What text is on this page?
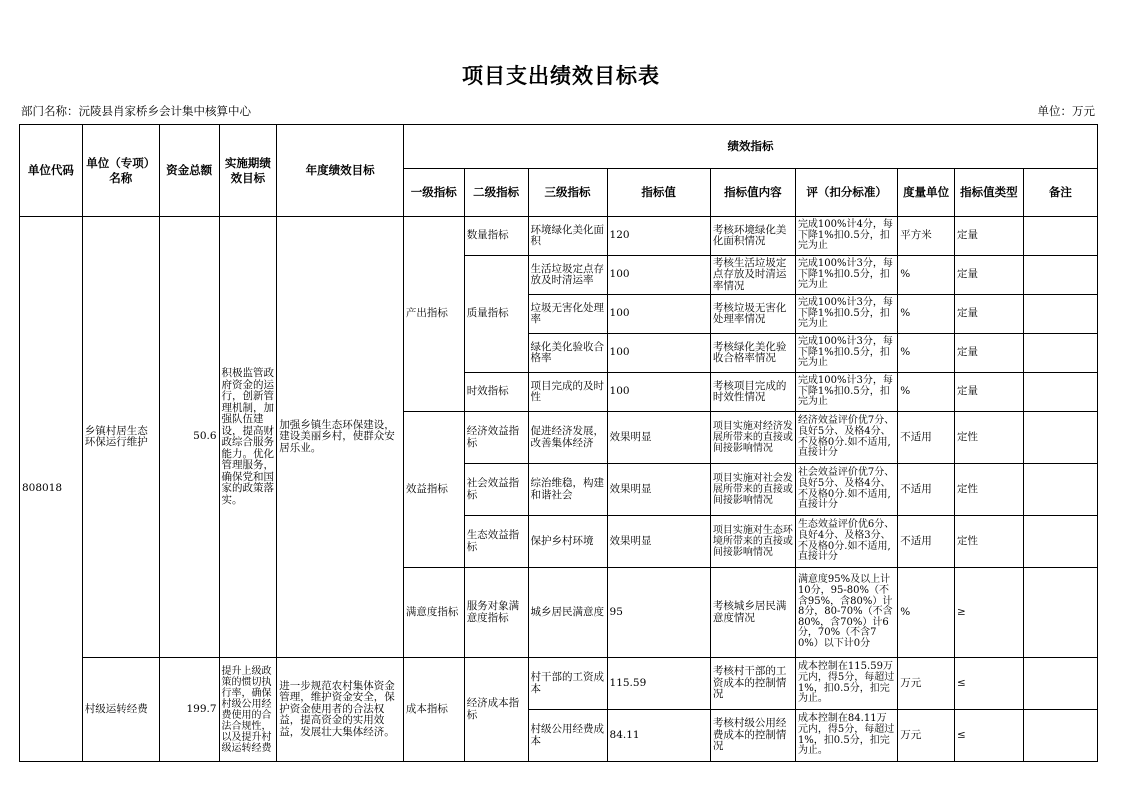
项目支出绩效目标表
部门名称：沅陵县肖家桥乡会计集中核算中心	单位：万元
单位代码	单位（专项）名称	资金总额	实施期绩效目标	年度绩效目标	绩效指标								
					一级指标	二级指标	三级指标	指标值	指标值内容	评（扣分标准）	度量单位	指标值类型	备注
808018	乡镇村居生态环保运行维护	50.6	积极监管政府资金的运行，创新管理机制，加强队伍建设，提高财政综合服务能力。优化管理服务，确保党和国家的政策落实。	加强乡镇生态环保建设，建设美丽乡村，使群众安居乐业。	产出指标	数量指标	环境绿化美化面积	120	考核环境绿化美化面积情况	完成100%计4分，每下降1%扣0.5分，扣完为止	平方米	定量	
						质量指标	生活垃圾定点存放及时清运率	100	考核生活垃圾定点存放及时清运率情况	完成100%计3分，每下降1%扣0.5分，扣完为止	%	定量	
							垃圾无害化处理率	100	考核垃圾无害化处理率情况	完成100%计3分，每下降1%扣0.5分，扣完为止	%	定量	
							绿化美化验收合格率	100	考核绿化美化验收合格率情况	完成100%计3分，每下降1%扣0.5分，扣完为止	%	定量	
						时效指标	项目完成的及时性	100	考核项目完成的时效性情况	完成100%计3分，每下降1%扣0.5分，扣完为止	%	定量	
					效益指标	经济效益指标	促进经济发展，改善集体经济	效果明显	项目实施对经济发展所带来的直接或间接影响情况	经济效益评价优7分、良好5分、及格4分、不及格0分.如不适用,直接计分	不适用	定性	
						社会效益指标	综治维稳，构建和谐社会	效果明显	项目实施对社会发展所带来的直接或间接影响情况	社会效益评价优7分、良好5分、及格4分、不及格0分.如不适用,直接计分	不适用	定性	
						生态效益指标	保护乡村环境	效果明显	项目实施对生态环境所带来的直接或间接影响情况	生态效益评价优6分、良好4分、及格3分、不及格0分.如不适用,直接计分	不适用	定性	
					满意度指标	服务对象满意度指标	城乡居民满意度	95	考核城乡居民满意度情况	满意度95%及以上计10分，95-80%（不含95%，含80%）计8分，80-70%（不含80%，含70%）计6分，70%（不含70%）以下计0分	%	≥	
	村级运转经费	199.7	提升上级政策的惯切执行率，确保村级公用经费使用的合法合规性，以及提升村级运转经费	进一步规范农村集体资金管理，维护资金安全，保护资金使用者的合法权益，提高资金的实用效益，发展壮大集体经济。	成本指标	经济成本指标	村干部的工资成本	115.59	考核村干部的工资成本的控制情况	成本控制在115.59万元内，得5分，每超过1%，扣0.5分，扣完为止。	万元	≤	
							村级公用经费成本	84.11	考核村级公用经费成本的控制情况	成本控制在84.11万元内，得5分，每超过1%，扣0.5分，扣完为止。	万元	≤	
